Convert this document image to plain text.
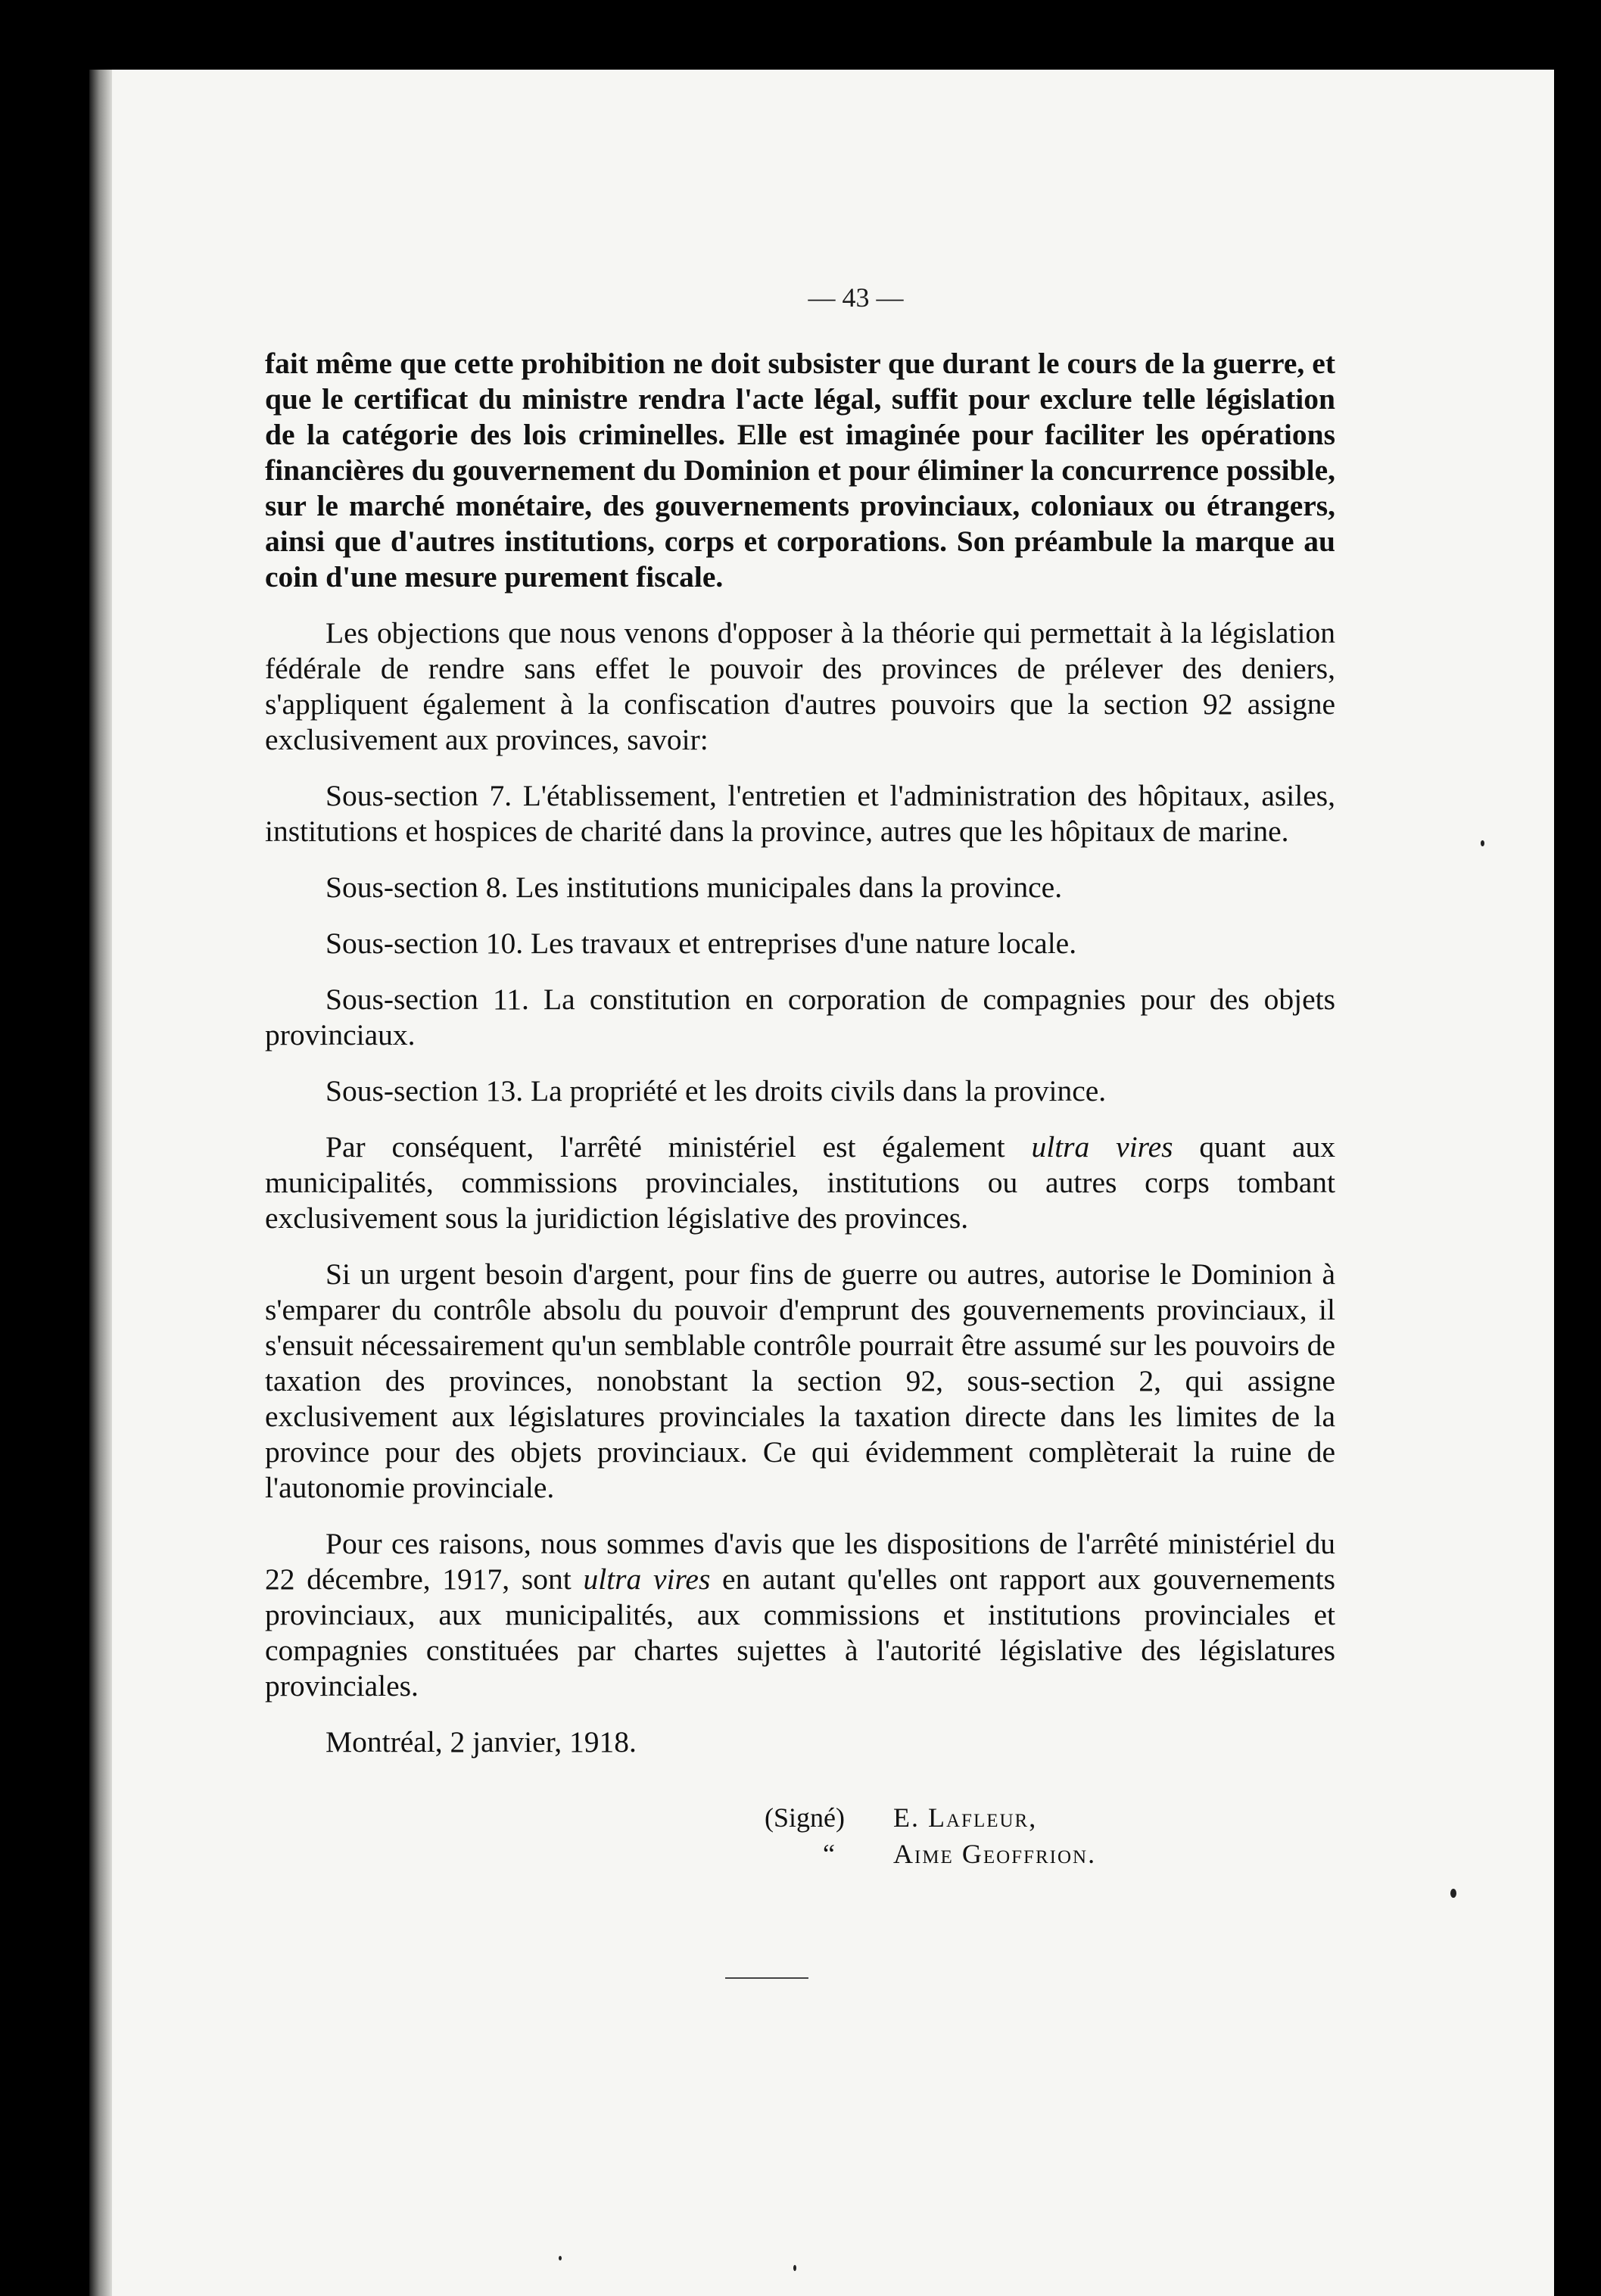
— 43 —

fait même que cette prohibition ne doit subsister que durant le cours de la guerre, et que le certificat du ministre rendra l'acte légal, suffit pour exclure telle législation de la catégorie des lois criminelles. Elle est imaginée pour faciliter les opérations financières du gouvernement du Dominion et pour éliminer la concurrence possible, sur le marché monétaire, des gouvernements provinciaux, coloniaux ou étrangers, ainsi que d'autres institutions, corps et corporations. Son préambule la marque au coin d'une mesure purement fiscale.

Les objections que nous venons d'opposer à la théorie qui permettait à la législation fédérale de rendre sans effet le pouvoir des provinces de prélever des deniers, s'appliquent également à la confiscation d'autres pouvoirs que la section 92 assigne exclusivement aux provinces, savoir:

Sous-section 7. L'établissement, l'entretien et l'administration des hôpitaux, asiles, institutions et hospices de charité dans la province, autres que les hôpitaux de marine.

Sous-section 8. Les institutions municipales dans la province.

Sous-section 10. Les travaux et entreprises d'une nature locale.

Sous-section 11. La constitution en corporation de compagnies pour des objets provinciaux.

Sous-section 13. La propriété et les droits civils dans la province.

Par conséquent, l'arrêté ministériel est également ultra vires quant aux municipalités, commissions provinciales, institutions ou autres corps tombant exclusivement sous la juridiction législative des provinces.

Si un urgent besoin d'argent, pour fins de guerre ou autres, autorise le Dominion à s'emparer du contrôle absolu du pouvoir d'emprunt des gouvernements provinciaux, il s'ensuit nécessairement qu'un semblable contrôle pourrait être assumé sur les pouvoirs de taxation des provinces, nonobstant la section 92, sous-section 2, qui assigne exclusivement aux législatures provinciales la taxation directe dans les limites de la province pour des objets provinciaux. Ce qui évidemment complèterait la ruine de l'autonomie provinciale.

Pour ces raisons, nous sommes d'avis que les dispositions de l'arrêté ministériel du 22 décembre, 1917, sont ultra vires en autant qu'elles ont rapport aux gouvernements provinciaux, aux municipalités, aux commissions et institutions provinciales et compagnies constituées par chartes sujettes à l'autorité législative des législatures provinciales.

Montréal, 2 janvier, 1918.

(Signé)	E. Lafleur,
“	Aime Geoffrion.
